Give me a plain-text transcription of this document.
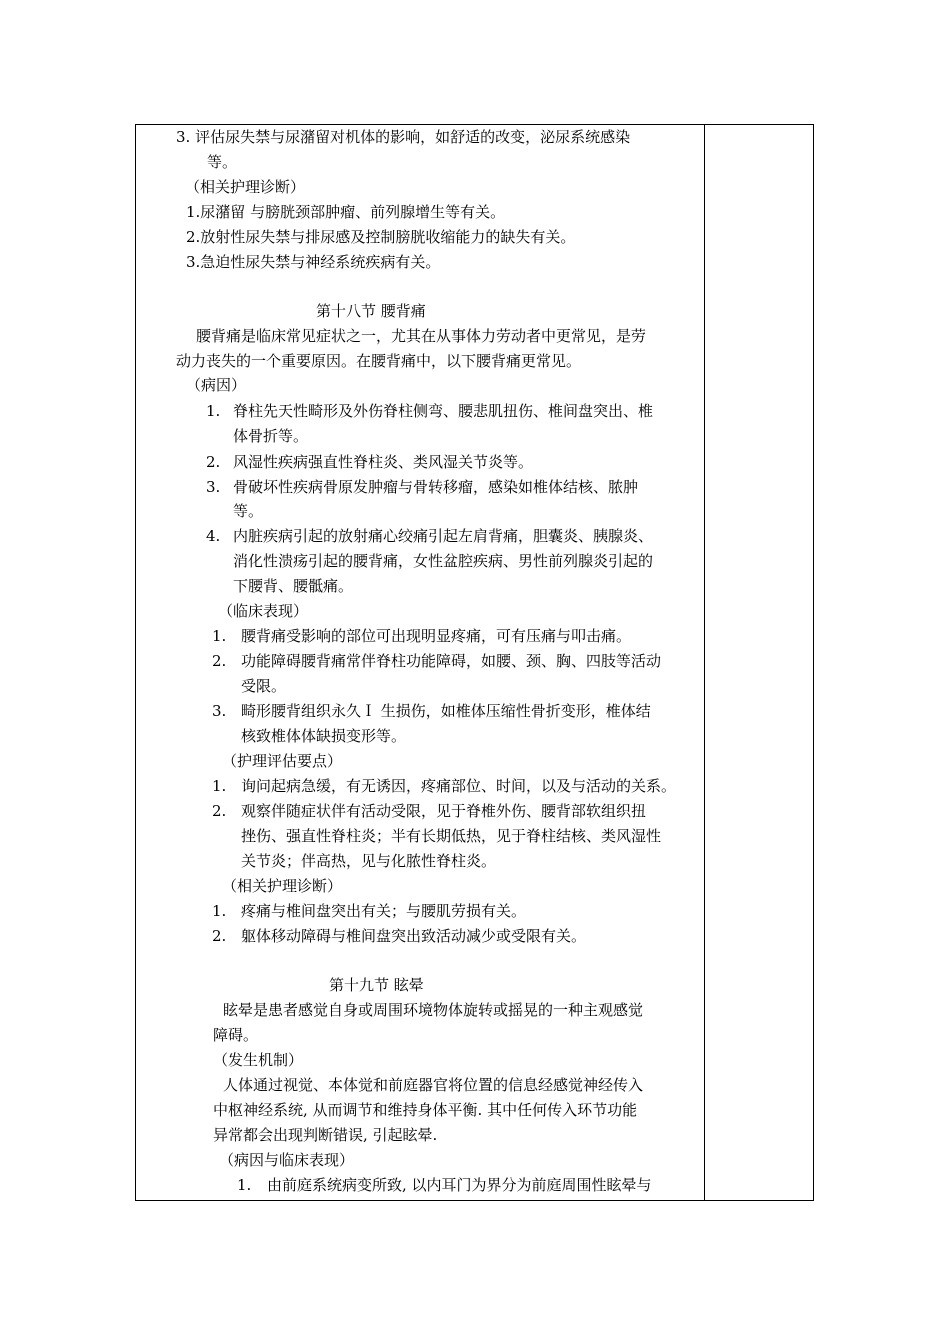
3. 评估尿失禁与尿潴留对机体的影响，如舒适的改变，泌尿系统感染
等。
（相关护理诊断）
1.尿潴留 与膀胱颈部肿瘤、前列腺增生等有关。
2.放射性尿失禁与排尿感及控制膀胱收缩能力的缺失有关。
3.急迫性尿失禁与神经系统疾病有关。
第十八节 腰背痛
腰背痛是临床常见症状之一，尤其在从事体力劳动者中更常见，是劳
动力丧失的一个重要原因。在腰背痛中，以下腰背痛更常见。
（病因）
1. 脊柱先天性畸形及外伤脊柱侧弯、腰悲肌扭伤、椎间盘突出、椎
体骨折等。
2. 风湿性疾病强直性脊柱炎、类风湿关节炎等。
3. 骨破坏性疾病骨原发肿瘤与骨转移瘤，感染如椎体结核、脓肿
等。
4. 内脏疾病引起的放射痛心绞痛引起左肩背痛，胆囊炎、胰腺炎、
消化性溃疡引起的腰背痛，女性盆腔疾病、男性前列腺炎引起的
下腰背、腰骶痛。
（临床表现）
1. 腰背痛受影响的部位可出现明显疼痛，可有压痛与叩击痛。
2. 功能障碍腰背痛常伴脊柱功能障碍，如腰、颈、胸、四肢等活动
受限。
3. 畸形腰背组织永久Ｉ 生损伤，如椎体压缩性骨折变形，椎体结
核致椎体体缺损变形等。
（护理评估要点）
1. 询问起病急缓，有无诱因，疼痛部位、时间，以及与活动的关系。
2. 观察伴随症状伴有活动受限，见于脊椎外伤、腰背部软组织扭
挫伤、强直性脊柱炎；半有长期低热，见于脊柱结核、类风湿性
关节炎；伴高热，见与化脓性脊柱炎。
（相关护理诊断）
1. 疼痛与椎间盘突出有关；与腰肌劳损有关。
2. 躯体移动障碍与椎间盘突出致活动减少或受限有关。
第十九节 眩晕
眩晕是患者感觉自身或周围环境物体旋转或摇晃的一种主观感觉
障碍。
（发生机制）
人体通过视觉、本体觉和前庭器官将位置的信息经感觉神经传入
中枢神经系统, 从而调节和维持身体平衡. 其中任何传入环节功能
异常都会出现判断错误, 引起眩晕.
（病因与临床表现）
1. 由前庭系统病变所致, 以内耳门为界分为前庭周围性眩晕与
